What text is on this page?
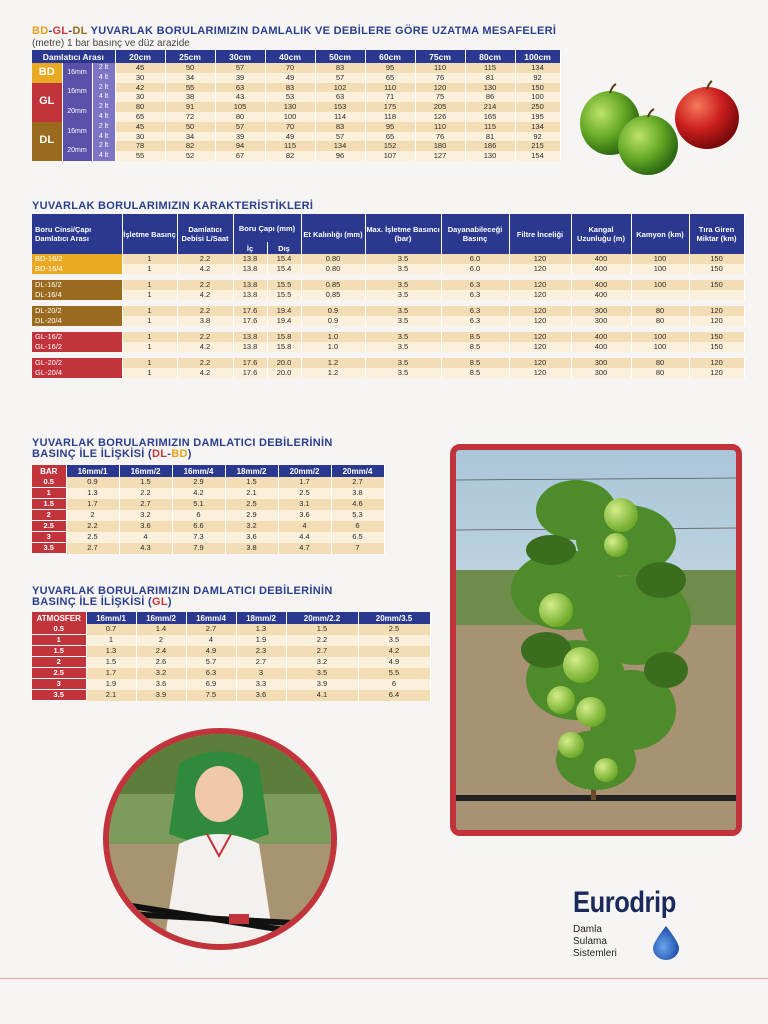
BD-GL-DL YUVARLAK BORULARIMIZIN DAMLALIK VE DEBİLERE GÖRE UZATMA MESAFELERİ
(metre) 1 bar basınç ve düz arazide
Damlatıcı Arası			20cm	25cm	30cm	40cm	50cm	60cm	75cm	80cm	100cm
BD	16mm	2 lt	45	50	57	70	83	95	110	115	134
		4 lt	30	34	39	49	57	65	76	81	92
GL	16mm	2 lt	42	55	63	83	102	110	120	130	150
		4 lt	30	38	43	53	63	71	75	86	100
	20mm	2 lt	80	91	105	130	153	175	205	214	250
		4 lt	65	72	80	100	114	118	126	165	195
DL	16mm	2 lt	45	50	57	70	83	95	110	115	134
		4 lt	30	34	39	49	57	65	76	81	92
	20mm	2 lt	78	82	94	115	134	152	180	186	215
		4 lt	55	52	67	82	96	107	127	130	154
YUVARLAK BORULARIMIZIN KARAKTERİSTİKLERİ
Boru Cinsi/Çapı Damlatıcı Arası	İşletme Basınç	Damlatıcı Debisi L/Saat	Boru Çapı (mm)		Et Kalınlığı (mm)	Max. İşletme Basıncı (bar)	Dayanabileceği Basınç	Filtre İnceliği	Kangal Uzunluğu (m)	Kamyon (km)	Tıra Giren Miktar (km)
			İç	Dış							
BD-16/2	1	2.2	13.8	15.4	0.80	3.5	6.0	120	400	100	150
BD-16/4	1	4.2	13.8	15.4	0.80	3.5	6.0	120	400	100	150

DL-16/2	1	2.2	13.8	15.5	0.85	3.5	6.3	120	400	100	150
DL-16/4	1	4.2	13.8	15.5	0.85	3.5	6.3	120	400		

DL-20/2	1	2.2	17.6	19.4	0.9	3.5	6.3	120	300	80	120
DL-20/4	1	3.8	17.6	19.4	0.9	3.5	6.3	120	300	80	120

GL-16/2	1	2.2	13.8	15.8	1.0	3.5	8.5	120	400	100	150
GL-16/2	1	4.2	13.8	15.8	1.0	3.5	8.5	120	400	100	150

GL-20/2	1	2.2	17.6	20.0	1.2	3.5	8.5	120	300	80	120
GL-20/4	1	4.2	17.6	20.0	1.2	3.5	8.5	120	300	80	120
YUVARLAK BORULARIMIZIN DAMLATICI DEBİLERİNİN
BASINÇ İLE İLİŞKİSİ (DL-BD)
BAR	16mm/1	16mm/2	16mm/4	18mm/2	20mm/2	20mm/4
0.5	0.9	1.5	2.9	1.5	1.7	2.7
1	1.3	2.2	4.2	2.1	2.5	3.8
1.5	1.7	2.7	5.1	2.5	3.1	4.6
2	2	3.2	6	2.9	3.6	5.3
2.5	2.2	3.6	6.6	3.2	4	6
3	2.5	4	7.3	3.6	4.4	6.5
3.5	2.7	4.3	7.9	3.8	4.7	7
YUVARLAK BORULARIMIZIN DAMLATICI DEBİLERİNİN
BASINÇ İLE İLİŞKİSİ (GL)
ATMOSFER	16mm/1	16mm/2	16mm/4	18mm/2	20mm/2.2	20mm/3.5
0.5	0.7	1.4	2.7	1.3	1.5	2.5
1	1	2	4	1.9	2.2	3.5
1.5	1.3	2.4	4.9	2.3	2.7	4.2
2	1.5	2.6	5.7	2.7	3.2	4.9
2.5	1.7	3.2	6.3	3	3.5	5.5
3	1.9	3.6	6.9	3.3	3.9	6
3.5	2.1	3.9	7.5	3.6	4.1	6.4
Eurodrip
Damla
Sulama
Sistemleri
